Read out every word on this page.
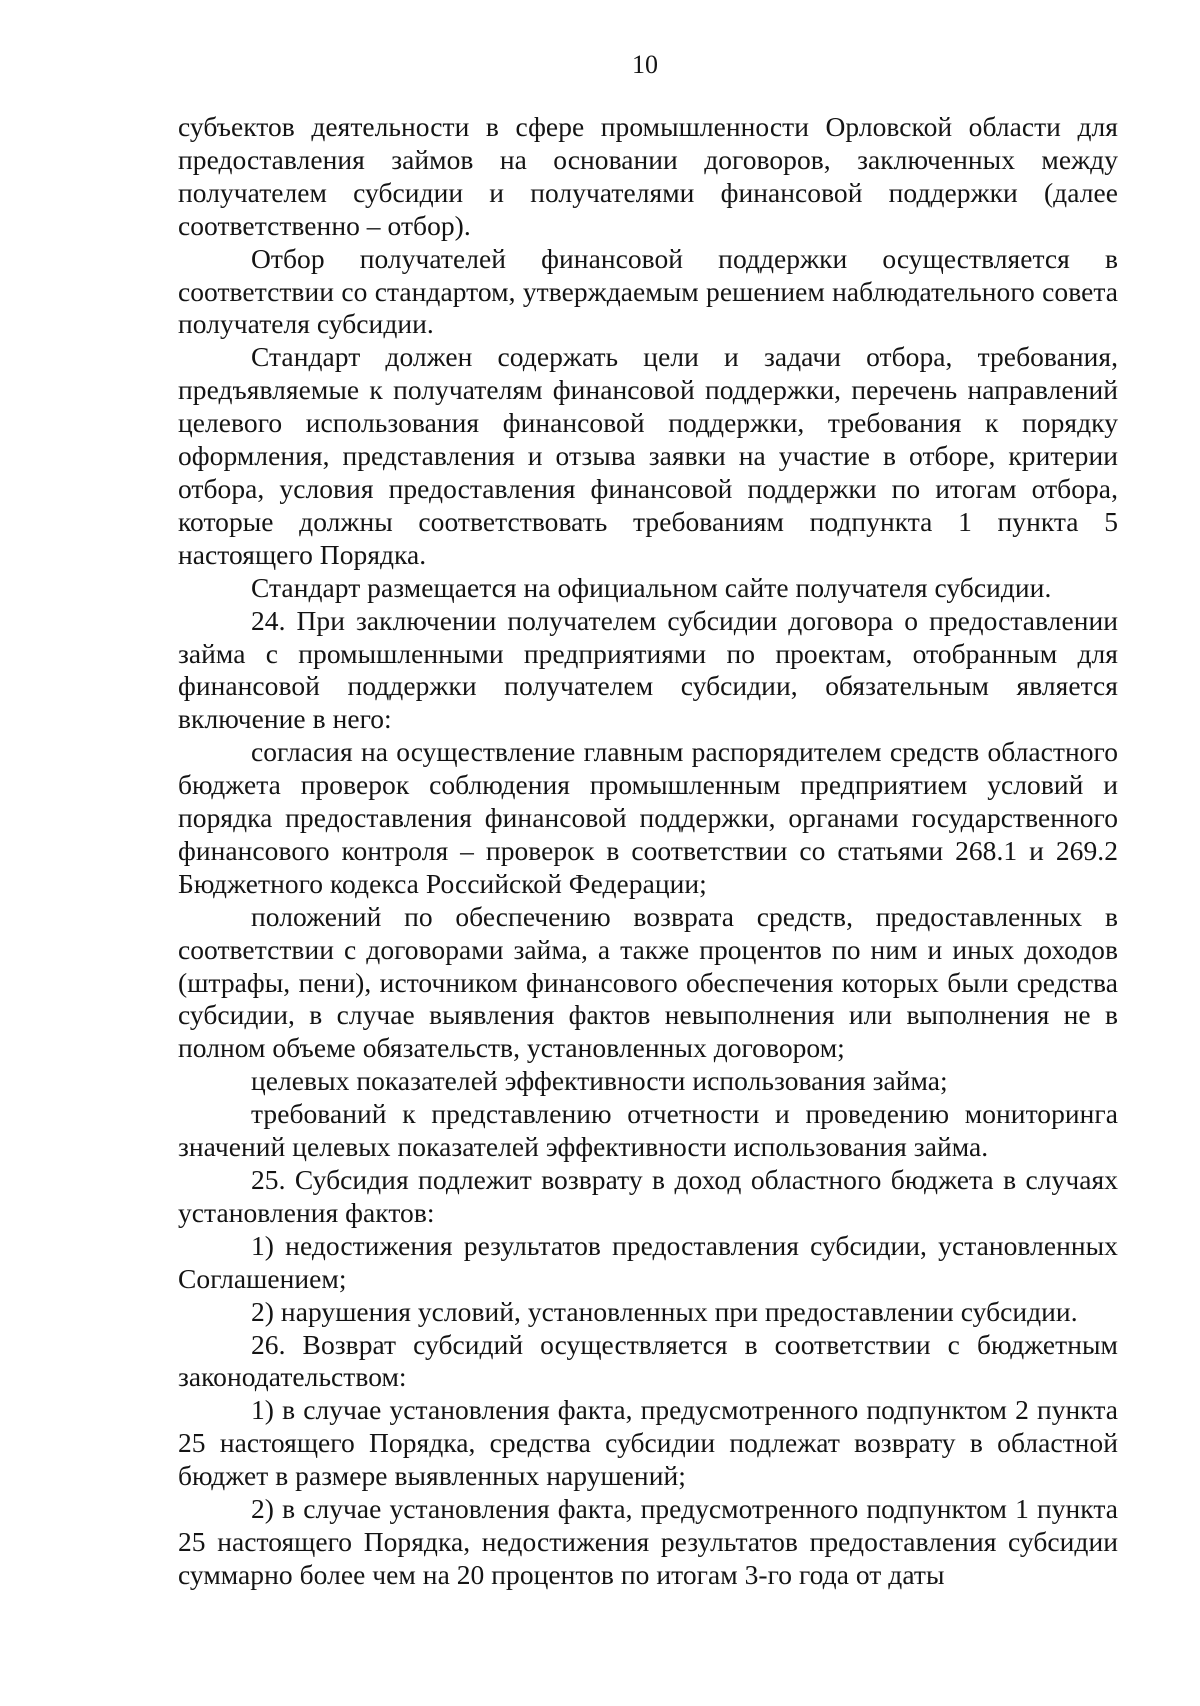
10

субъектов деятельности в сфере промышленности Орловской области для предоставления займов на основании договоров, заключенных между получателем субсидии и получателями финансовой поддержки (далее соответственно – отбор).

Отбор получателей финансовой поддержки осуществляется в соответствии со стандартом, утверждаемым решением наблюдательного совета получателя субсидии.

Стандарт должен содержать цели и задачи отбора, требования, предъявляемые к получателям финансовой поддержки, перечень направлений целевого использования финансовой поддержки, требования к порядку оформления, представления и отзыва заявки на участие в отборе, критерии отбора, условия предоставления финансовой поддержки по итогам отбора, которые должны соответствовать требованиям подпункта 1 пункта 5 настоящего Порядка.

Стандарт размещается на официальном сайте получателя субсидии.

24. При заключении получателем субсидии договора о предоставлении займа с промышленными предприятиями по проектам, отобранным для финансовой поддержки получателем субсидии, обязательным является включение в него:

согласия на осуществление главным распорядителем средств областного бюджета проверок соблюдения промышленным предприятием условий и порядка предоставления финансовой поддержки, органами государственного финансового контроля – проверок в соответствии со статьями 268.1 и 269.2 Бюджетного кодекса Российской Федерации;

положений по обеспечению возврата средств, предоставленных в соответствии с договорами займа, а также процентов по ним и иных доходов (штрафы, пени), источником финансового обеспечения которых были средства субсидии, в случае выявления фактов невыполнения или выполнения не в полном объеме обязательств, установленных договором;

целевых показателей эффективности использования займа;

требований к представлению отчетности и проведению мониторинга значений целевых показателей эффективности использования займа.

25. Субсидия подлежит возврату в доход областного бюджета в случаях установления фактов:

1) недостижения результатов предоставления субсидии, установленных Соглашением;

2) нарушения условий, установленных при предоставлении субсидии.

26. Возврат субсидий осуществляется в соответствии с бюджетным законодательством:

1) в случае установления факта, предусмотренного подпунктом 2 пункта 25 настоящего Порядка, средства субсидии подлежат возврату в областной бюджет в размере выявленных нарушений;

2) в случае установления факта, предусмотренного подпунктом 1 пункта 25 настоящего Порядка, недостижения результатов предоставления субсидии суммарно более чем на 20 процентов по итогам 3-го года от даты
